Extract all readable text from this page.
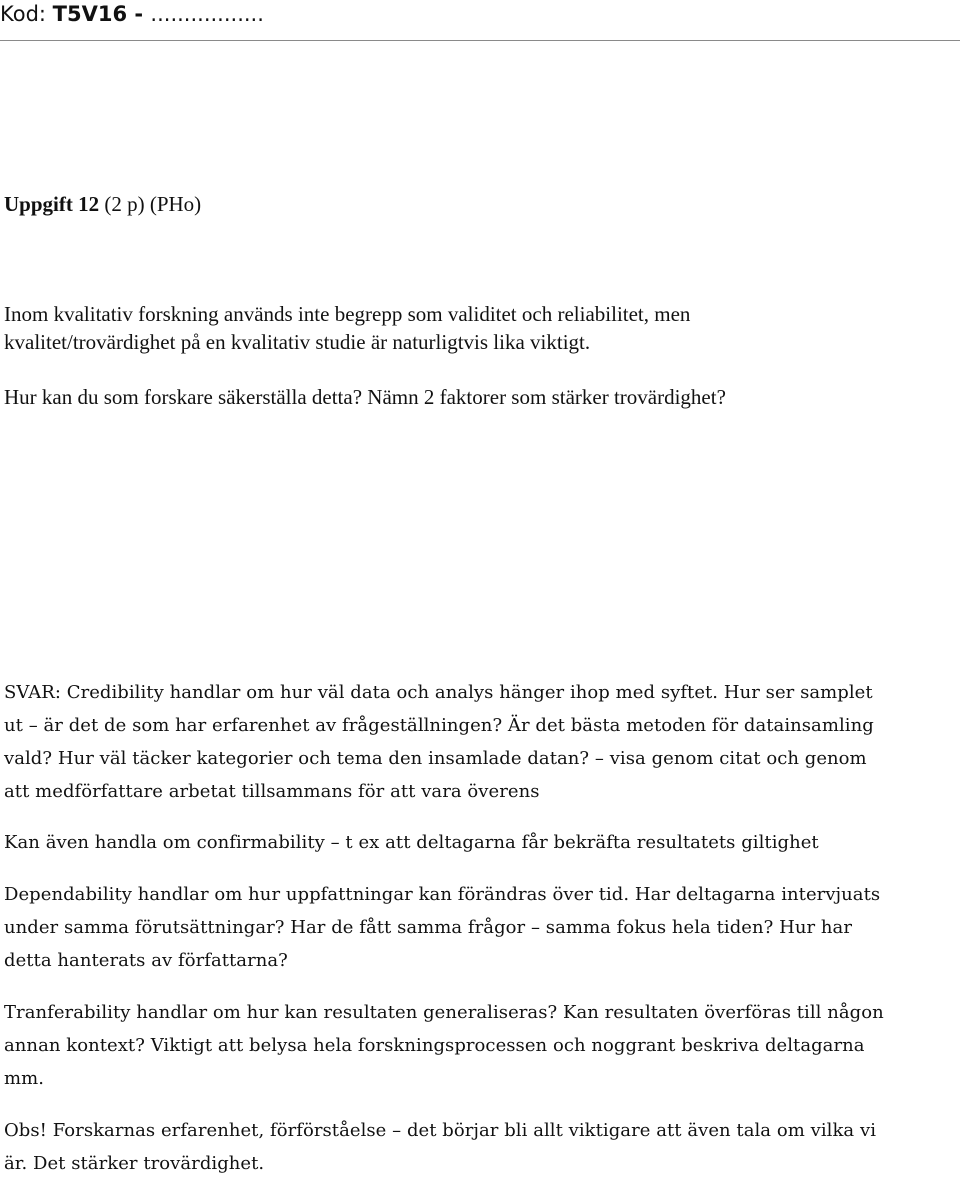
Kod: T5V16 - .................
Uppgift 12 (2 p) (PHo)
Inom kvalitativ forskning används inte begrepp som validitet och reliabilitet, men
kvalitet/trovärdighet på en kvalitativ studie är naturligtvis lika viktigt.
Hur kan du som forskare säkerställa detta? Nämn 2 faktorer som stärker trovärdighet?
SVAR: Credibility handlar om hur väl data och analys hänger ihop med syftet. Hur ser samplet
ut – är det de som har erfarenhet av frågeställningen? Är det bästa metoden för datainsamling
vald? Hur väl täcker kategorier och tema den insamlade datan? – visa genom citat och genom
att medförfattare arbetat tillsammans för att vara överens
Kan även handla om confirmability – t ex att deltagarna får bekräfta resultatets giltighet
Dependability handlar om hur uppfattningar kan förändras över tid. Har deltagarna intervjuats
under samma förutsättningar? Har de fått samma frågor – samma fokus hela tiden? Hur har
detta hanterats av författarna?
Tranferability handlar om hur kan resultaten generaliseras? Kan resultaten överföras till någon
annan kontext? Viktigt att belysa hela forskningsprocessen och noggrant beskriva deltagarna
mm.
Obs! Forskarnas erfarenhet, förförståelse – det börjar bli allt viktigare att även tala om vilka vi
är. Det stärker trovärdighet.
